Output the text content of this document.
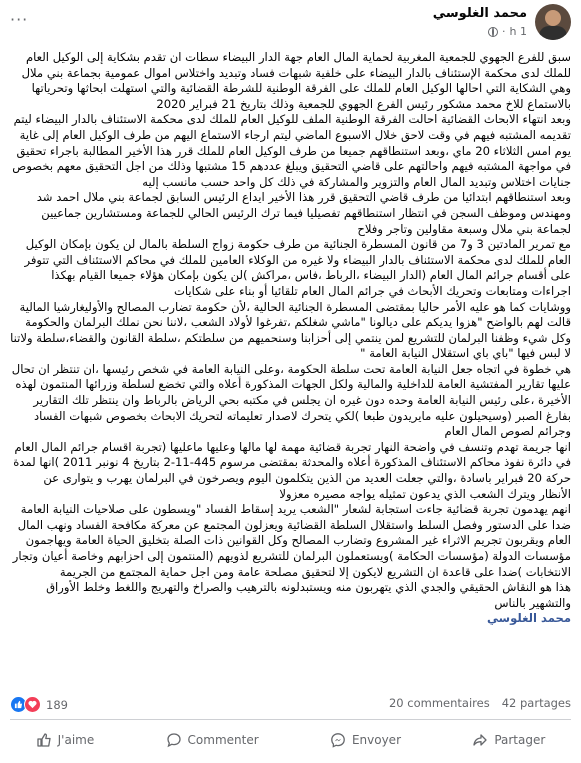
محمد الغلوسي
1 h
·
···

سبق للفرع الجهوي للجمعية المغربية لحماية المال العام جهة الدار البيضاء سطات ان تقدم بشكاية إلى الوكيل العام للملك لدى محكمة الإستئناف بالدار البيضاء على خلفية شبهات فساد وتبديد واختلاس اموال عمومية بجماعة بني ملال

وهي الشكاية التي احالها الوكيل العام للملك على الفرقة الوطنية للشرطة القضائية والتي استهلت ابحاثها وتحرياتها بالاستماع للاخ محمد مشكور رئيس الفرع الجهوي للجمعية وذلك بتاريخ 21 فبراير 2020

وبعد انتهاء الابحاث القضائية احالت الفرقة الوطنية الملف للوكيل العام للملك لدى محكمة الاستئناف بالدار البيضاء ليتم تقديمه المشتبه فيهم في وقت لاحق خلال الاسبوع الماضي ليتم ارجاء الاستماع اليهم من طرف الوكيل العام إلى غاية يوم امس الثلاثاء 20 ماي ،وبعد استنطاقهم جميعا من طرف الوكيل العام للملك قرر هذا الأخير المطالبة باجراء تحقيق في مواجهة المشتبه فيهم واحالتهم على قاضي التحقيق ويبلغ عددهم 15 مشتبها وذلك من اجل التحقيق معهم بخصوص جنايات اختلاس وتبديد المال العام والتزوير والمشاركة في ذلك كل واحد حسب مانسب إليه

وبعد استنطاقهم ابتدائيا من طرف قاضي التحقيق قرر هذا الأخير ايداع الرئيس السابق لجماعة بني ملال احمد شد ومهندس وموظف السجن في انتظار استنطاقهم تفصيليا فيما ترك الرئيس الحالي للجماعة ومستشارين جماعيين لجماعة بني ملال وسبعة مقاولين وتاجر وفلاح

مع تمرير المادتين 3 و7 من قانون المسطرة الجنائية من طرف حكومة زواج السلطة بالمال لن يكون بإمكان الوكيل العام للملك لدى محكمة الاستئناف بالدار البيضاء ولا غيره من الوكلاء العامين للملك في محاكم الاستئناف التي تتوفر على أقسام جرائم المال العام (الدار البيضاء ،الرباط ،فاس ،مراكش )لن يكون بإمكان هؤلاء جميعا القيام بهكذا اجراءات ومتابعات وتحريك الأبحاث في جرائم المال العام تلقائيا أو بناء على شكايات

ووشايات كما هو عليه الأمر حاليا بمقتضى المسطرة الجنائية الحالية ،لأن حكومة تضارب المصالح والأوليغارشيا المالية قالت لهم بالواضح "هزوا يديكم على ديالونا "ماشي شغلكم ،تفرغوا لأولاد الشعب ،لاننا نحن نملك البرلمان والحكومة وكل شيء وظفنا البرلمان للتشريع لمن ينتمي إلى أحزابنا وسنحميهم من سلطتكم ،سلطة القانون والقضاء،سلطة ولاتنا لا لبس فيها "باي باي استقلال النيابة العامة "

هي خطوة في اتجاه جعل النيابة العامة تحت سلطة الحكومة ،وعلى النيابة العامة في شخص رئيسها ،ان تنتظر ان تحال عليها تقارير المفتشية العامة للداخلية والمالية ولكل الجهات المذكورة أعلاه والتي تخضع لسلطة وزرائها المنتمون لهذه الأخيرة ،على رئيس النيابة العامة وحده دون غيره ان يجلس في مكتبه بحي الرياض بالرباط وان ينتظر تلك التقارير بفارغ الصبر (وسيحيلون عليه مايريدون طبعا )لكي يتحرك لاصدار تعليماته لتحريك الابحاث بخصوص شبهات الفساد وجرائم لصوص المال العام

انها جريمة تهدم وتنسف في واضحة النهار تجربة قضائية مهمة لها مالها وعليها ماعليها (تجربة اقسام جرائم المال العام في دائرة نفوذ محاكم الاستئناف المذكورة أعلاه والمحدثة بمقتضى مرسوم 445-11-2 بتاريخ 4 نونبر 2011 )انها لمدة حركة 20 فبراير باسادة ،والتي جعلت العديد من الذين يتكلمون اليوم ويصرخون في البرلمان يهرب و يتوارى عن الأنظار ويترك الشعب الذي يدعون تمثيله يواجه مصيره معزولا

انهم يهدمون تجربة قضائية جاءت استجابة لشعار "الشعب يريد إسقاط الفساد "ويسطون على صلاحيات النيابة العامة ضدا على الدستور وفصل السلط واستقلال السلطة القضائية ويعزلون المجتمع عن معركة مكافحة الفساد ونهب المال العام ويقربون تجريم الاثراء غير المشروع وتضارب المصالح وكل القوانين ذات الصلة بتخليق الحياة العامة ويهاجمون مؤسسات الدولة (مؤسسات الحكامة )ويستعملون البرلمان للتشريع لذويهم (المنتمون إلى احزابهم وخاصة أعيان وتجار الانتخابات )ضدا على قاعدة ان التشريع لايكون إلا لتحقيق مصلحة عامة ومن اجل حماية المجتمع من الجريمة

هذا هو النقاش الحقيقي والجدي الذي يتهربون منه ويستبدلونه بالترهيب والصراخ والتهريج واللغط وخلط الأوراق والتشهير بالناس

محمد الغلوسي

189	20 commentaires 42 partages
J'aime	Commenter	Envoyer	Partager
